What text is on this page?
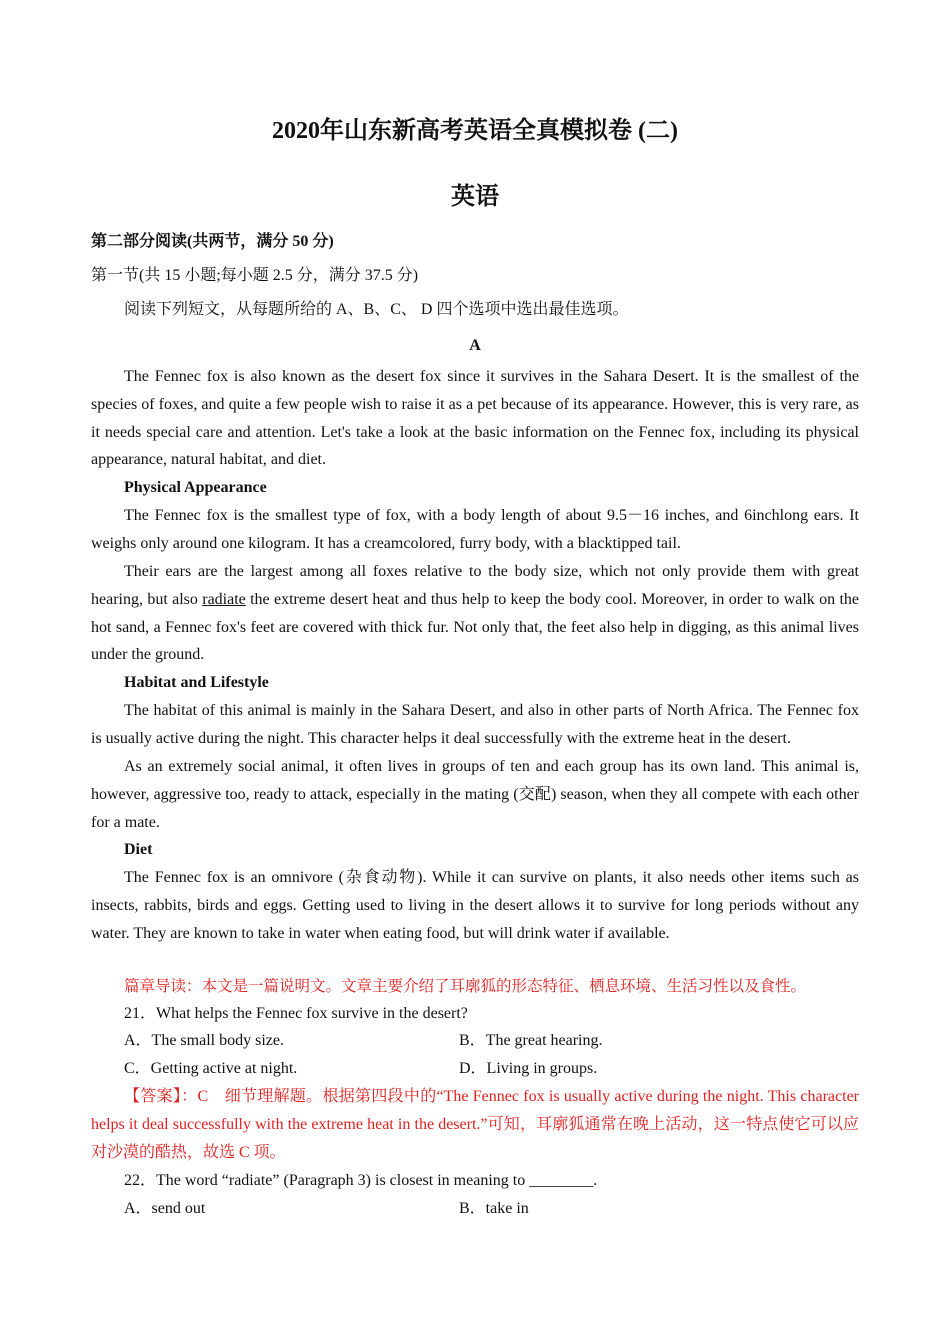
2020年山东新高考英语全真模拟卷 (二)
英语
第二部分阅读(共两节，满分 50 分)
第一节(共 15 小题;每小题 2.5 分，满分 37.5 分)
阅读下列短文，从每题所给的 A、B、C、 D 四个选项中选出最佳选项。
A
The Fennec fox is also known as the desert fox since it survives in the Sahara Desert. It is the smallest of the species of foxes, and quite a few people wish to raise it as a pet because of its appearance. However, this is very rare, as it needs special care and attention. Let's take a look at the basic information on the Fennec fox, including its physical appearance, natural habitat, and diet.
Physical Appearance
The Fennec fox is the smallest type of fox, with a body length of about 9.5－16 inches, and 6inchlong ears. It weighs only around one kilogram. It has a creamcolored, furry body, with a blacktipped tail.
Their ears are the largest among all foxes relative to the body size, which not only provide them with great hearing, but also radiate the extreme desert heat and thus help to keep the body cool. Moreover, in order to walk on the hot sand, a Fennec fox's feet are covered with thick fur. Not only that, the feet also help in digging, as this animal lives under the ground.
Habitat and Lifestyle
The habitat of this animal is mainly in the Sahara Desert, and also in other parts of North Africa. The Fennec fox is usually active during the night. This character helps it deal successfully with the extreme heat in the desert.
As an extremely social animal, it often lives in groups of ten and each group has its own land. This animal is, however, aggressive too, ready to attack, especially in the mating (交配) season, when they all compete with each other for a mate.
Diet
The Fennec fox is an omnivore (杂食动物). While it can survive on plants, it also needs other items such as insects, rabbits, birds and eggs. Getting used to living in the desert allows it to survive for long periods without any water. They are known to take in water when eating food, but will drink water if available.
篇章导读：本文是一篇说明文。文章主要介绍了耳廓狐的形态特征、栖息环境、生活习性以及食性。
21．What helps the Fennec fox survive in the desert?
A．The small body size.	B．The great hearing.
C．Getting active at night.	D．Living in groups.
【答案】：C　细节理解题。根据第四段中的“The Fennec fox is usually active during the night. This character helps it deal successfully with the extreme heat in the desert.”可知，耳廓狐通常在晚上活动，这一特点使它可以应对沙漠的酷热，故选 C 项。
22．The word “radiate” (Paragraph 3) is closest in meaning to ________.
A．send out	B．take in
